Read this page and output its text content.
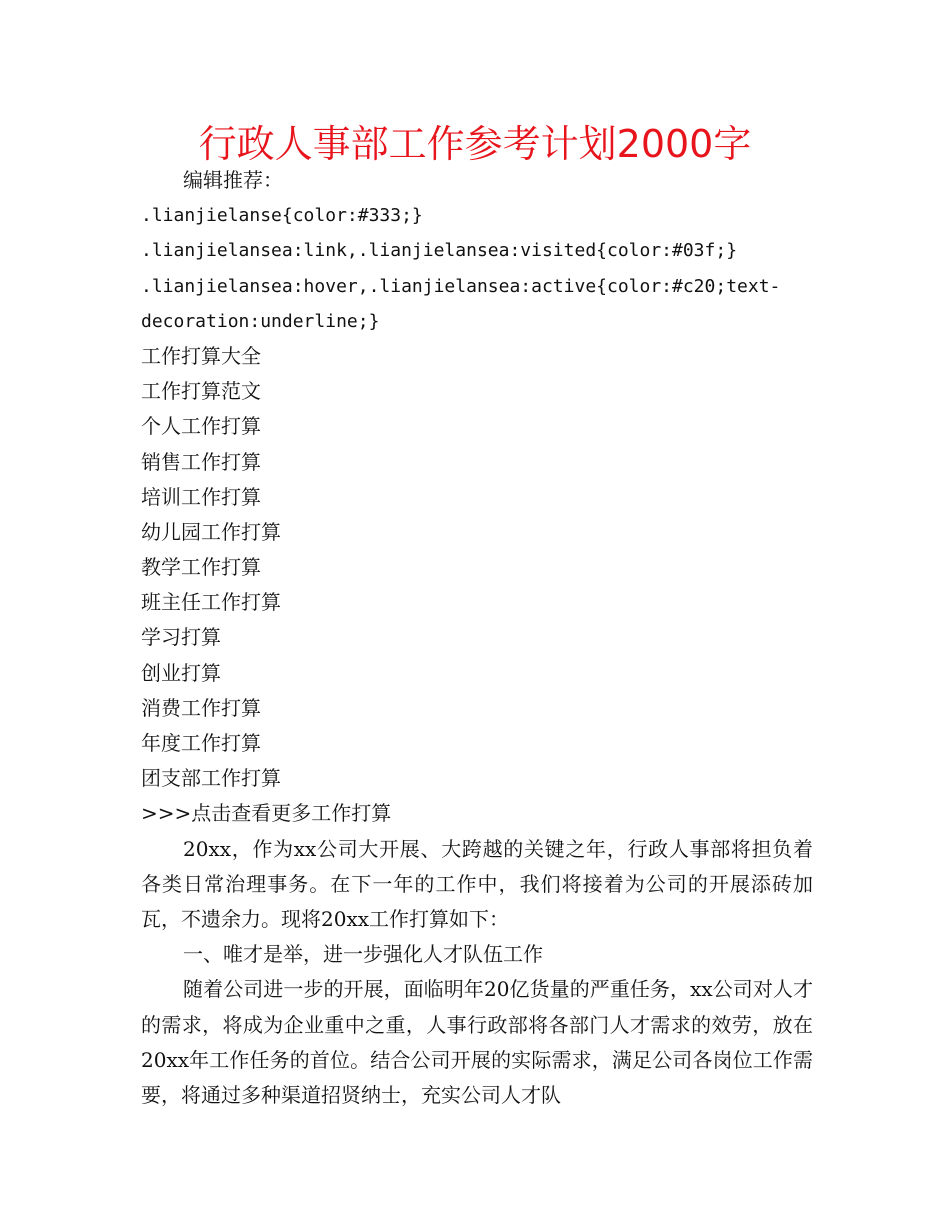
行政人事部工作参考计划2000字
编辑推荐：
.lianjielanse{color:#333;}
.lianjielansea:link,.lianjielansea:visited{color:#03f;}
.lianjielansea:hover,.lianjielansea:active{color:#c20;text-
decoration:underline;}
工作打算大全
工作打算范文
个人工作打算
销售工作打算
培训工作打算
幼儿园工作打算
教学工作打算
班主任工作打算
学习打算
创业打算
消费工作打算
年度工作打算
团支部工作打算
>>>点击查看更多工作打算
20xx，作为xx公司大开展、大跨越的关键之年，行政人事部将担负着各类日常治理事务。在下一年的工作中，我们将接着为公司的开展添砖加瓦，不遗余力。现将20xx工作打算如下：
一、唯才是举，进一步强化人才队伍工作
随着公司进一步的开展，面临明年20亿货量的严重任务，xx公司对人才的需求，将成为企业重中之重，人事行政部将各部门人才需求的效劳，放在20xx年工作任务的首位。结合公司开展的实际需求，满足公司各岗位工作需要，将通过多种渠道招贤纳士，充实公司人才队
